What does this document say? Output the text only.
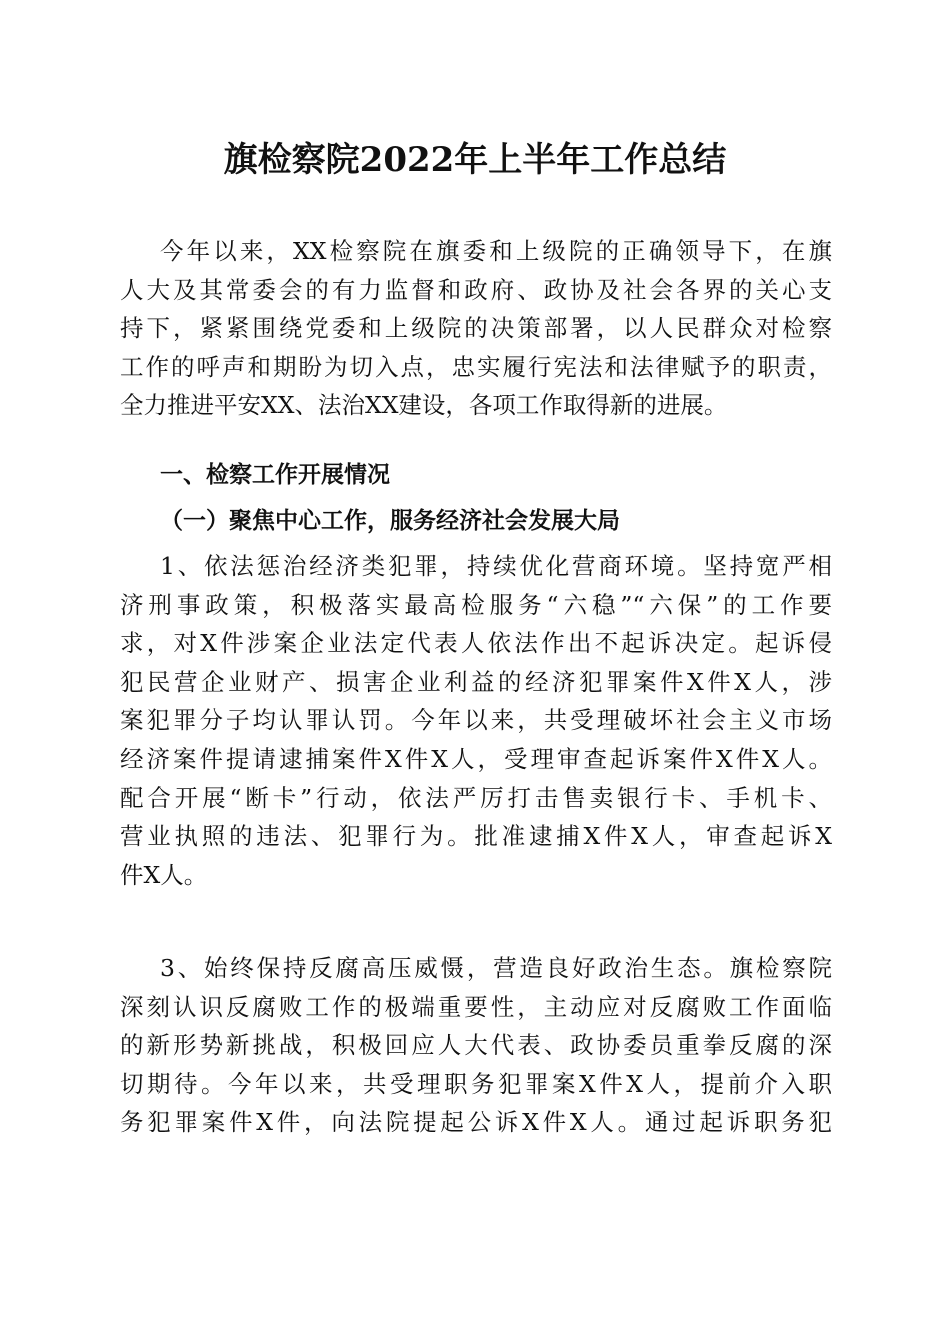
旗检察院2022年上半年工作总结
今年以来，XX检察院在旗委和上级院的正确领导下，在旗
人大及其常委会的有力监督和政府、政协及社会各界的关心支
持下，紧紧围绕党委和上级院的决策部署，以人民群众对检察
工作的呼声和期盼为切入点，忠实履行宪法和法律赋予的职责，
全力推进平安XX、法治XX建设，各项工作取得新的进展。

一、检察工作开展情况

（一）聚焦中心工作，服务经济社会发展大局

1、依法惩治经济类犯罪，持续优化营商环境。坚持宽严相
济刑事政策，积极落实最高检服务“六稳”“六保”的工作要
求，对X件涉案企业法定代表人依法作出不起诉决定。起诉侵
犯民营企业财产、损害企业利益的经济犯罪案件X件X人，涉
案犯罪分子均认罪认罚。今年以来，共受理破坏社会主义市场
经济案件提请逮捕案件X件X人，受理审查起诉案件X件X人。
配合开展“断卡”行动，依法严厉打击售卖银行卡、手机卡、
营业执照的违法、犯罪行为。批准逮捕X件X人，审查起诉X
件X人。
3、始终保持反腐高压威慑，营造良好政治生态。旗检察院
深刻认识反腐败工作的极端重要性，主动应对反腐败工作面临
的新形势新挑战，积极回应人大代表、政协委员重拳反腐的深
切期待。今年以来，共受理职务犯罪案X件X人，提前介入职
务犯罪案件X件，向法院提起公诉X件X人。通过起诉职务犯
